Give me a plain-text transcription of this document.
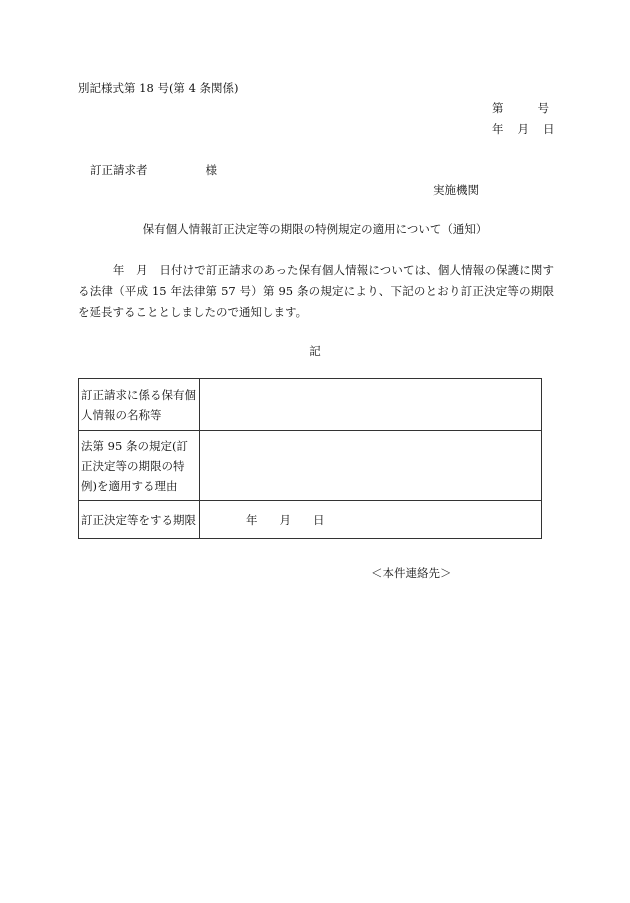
別記様式第 18 号(第 4 条関係)
第	号
年 月 日
訂正請求者	様
実施機関
保有個人情報訂正決定等の期限の特例規定の適用について（通知）
　　　年　月　日付けで訂正請求のあった保有個人情報については、個人情報の保護に関する法律（平成 15 年法律第 57 号）第 95 条の規定により、下記のとおり訂正決定等の期限を延長することとしましたので通知します。
記
訂正請求に係る保有個人情報の名称等	
法第 95 条の規定(訂正決定等の期限の特例)を適用する理由	
訂正決定等をする期限	年 月 日
＜本件連絡先＞
